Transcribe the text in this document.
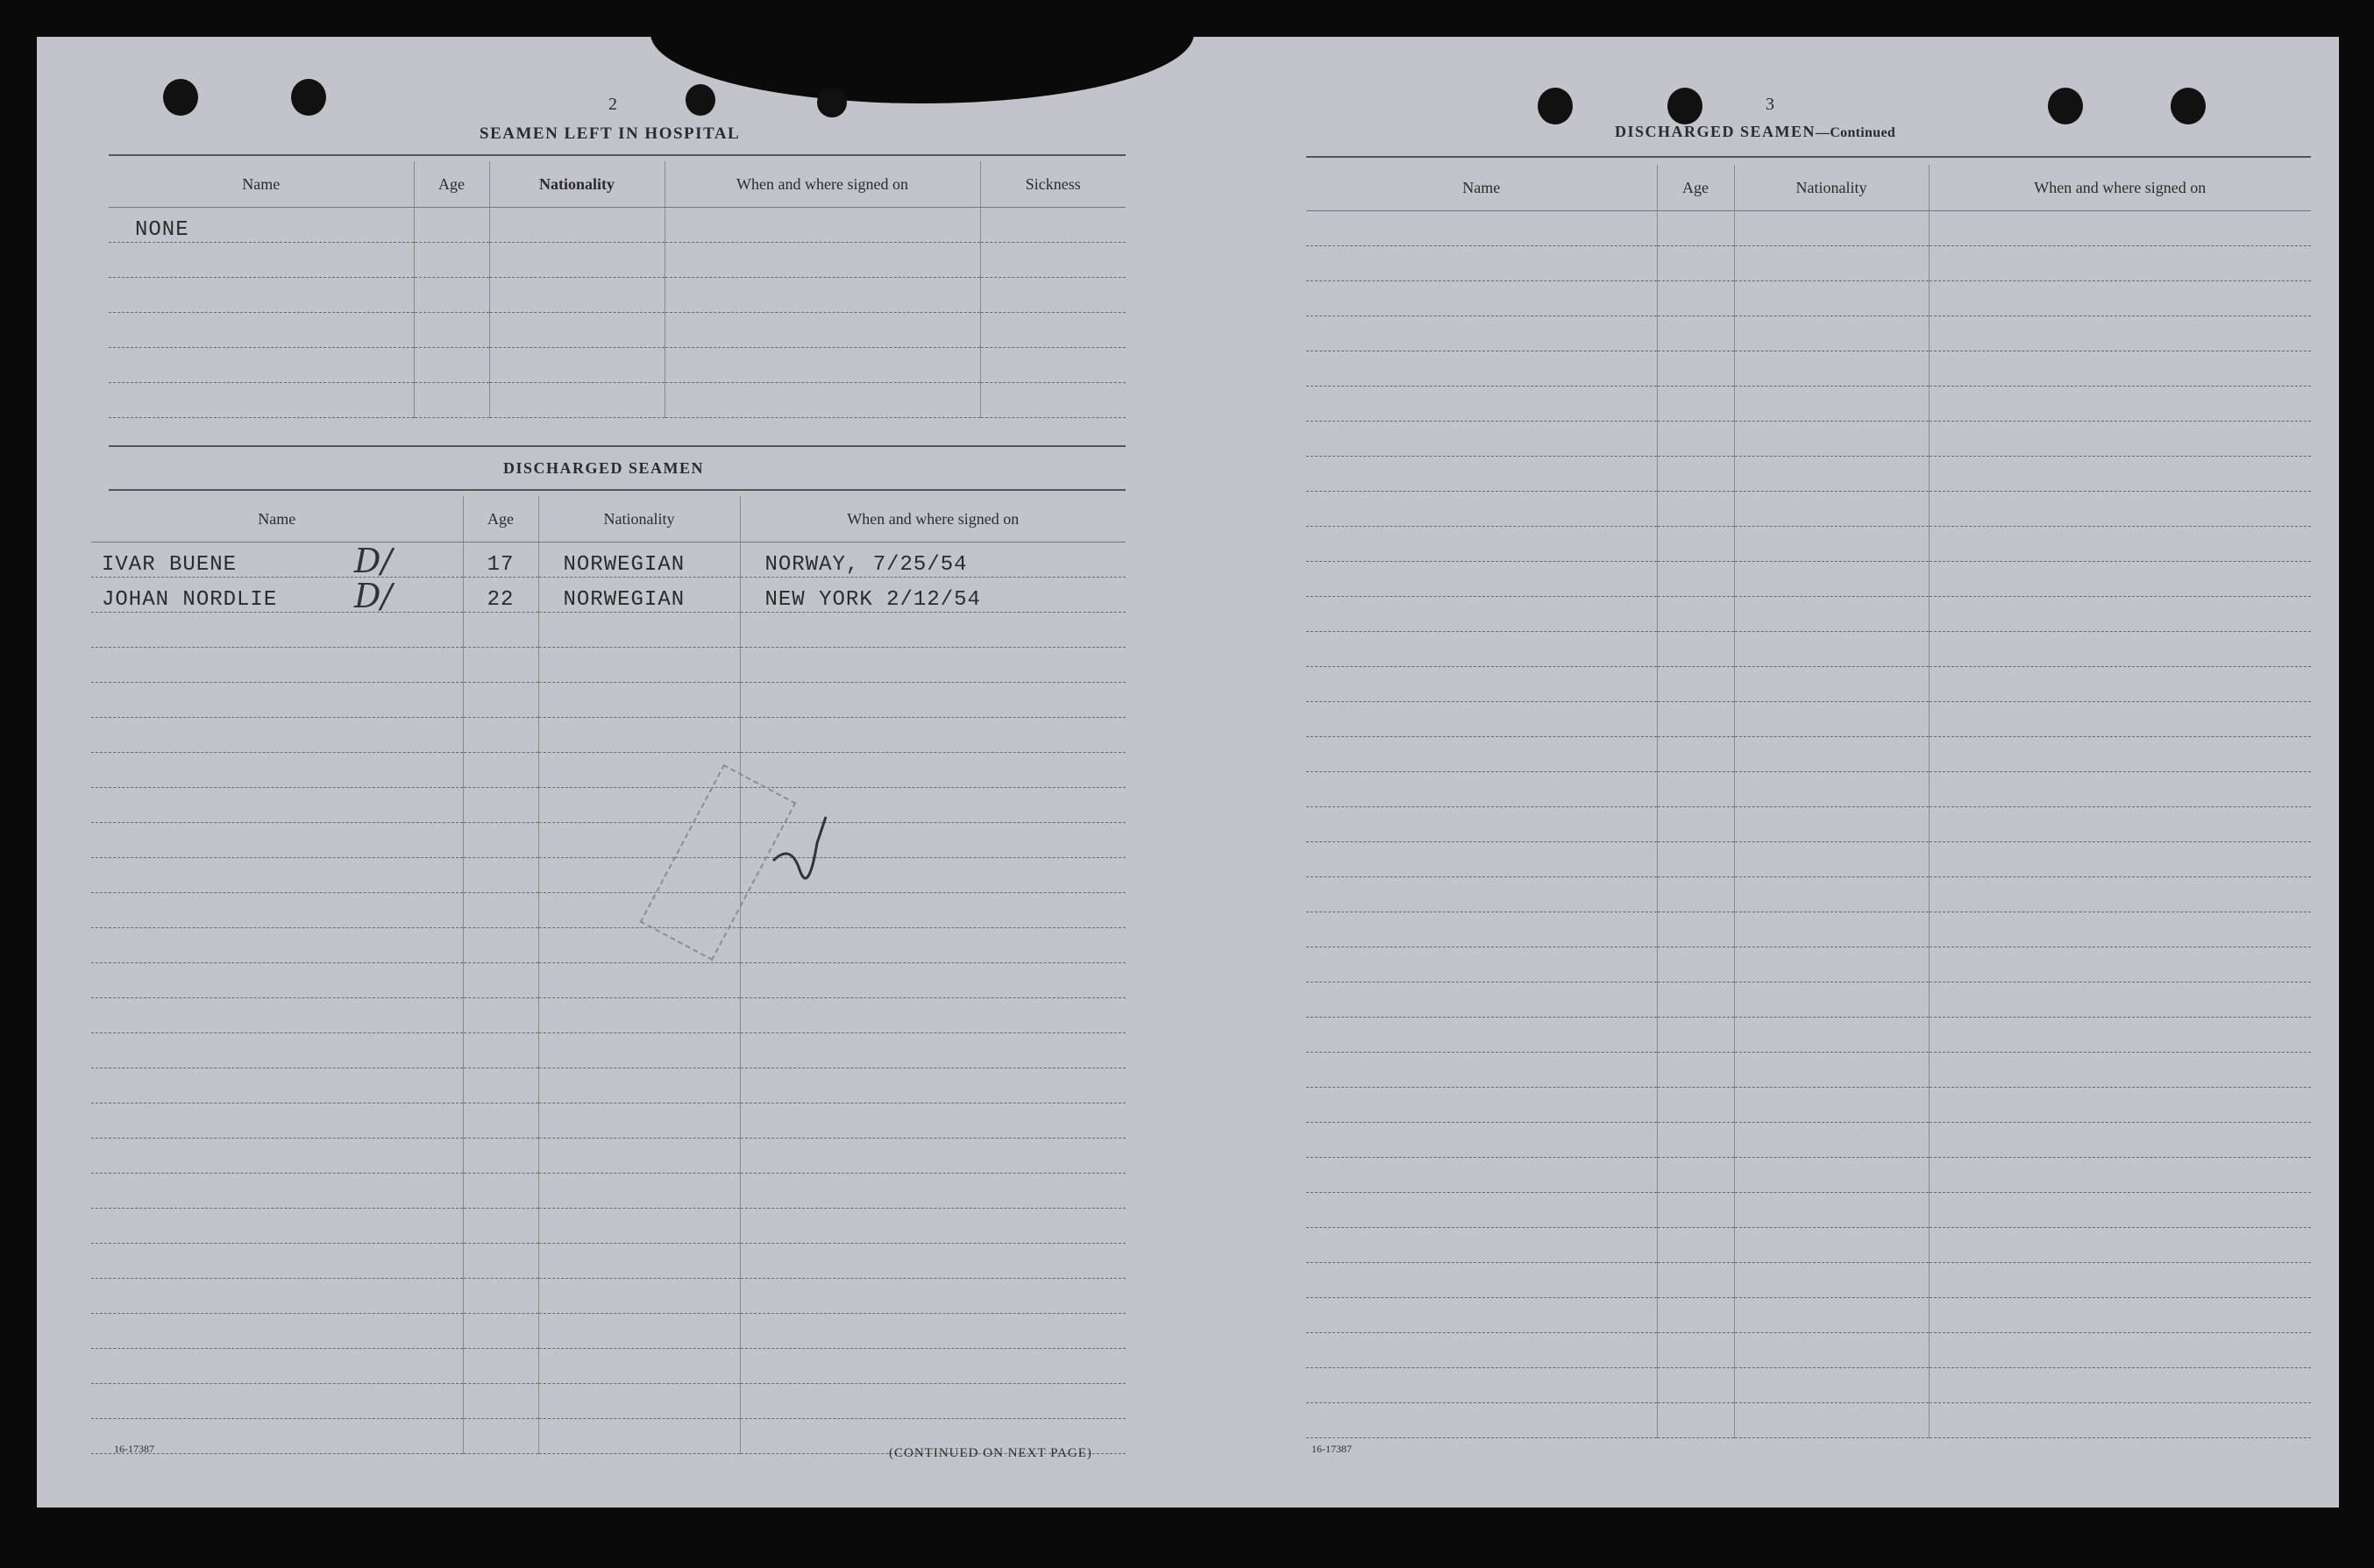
2
SEAMEN LEFT IN HOSPITAL
Name	Age	Nationality	When and where signed on	Sickness
NONE				

DISCHARGED SEAMEN
Name	Age	Nationality	When and where signed on
IVAR BUENE	17	NORWEGIAN	NORWAY, 7/25/54
JOHAN NORDLIE	22	NORWEGIAN	NEW YORK 2/12/54

D/
D/
16-17387	(CONTINUED ON NEXT PAGE)
3
DISCHARGED SEAMEN—Continued
Name	Age	Nationality	When and where signed on

16-17387
